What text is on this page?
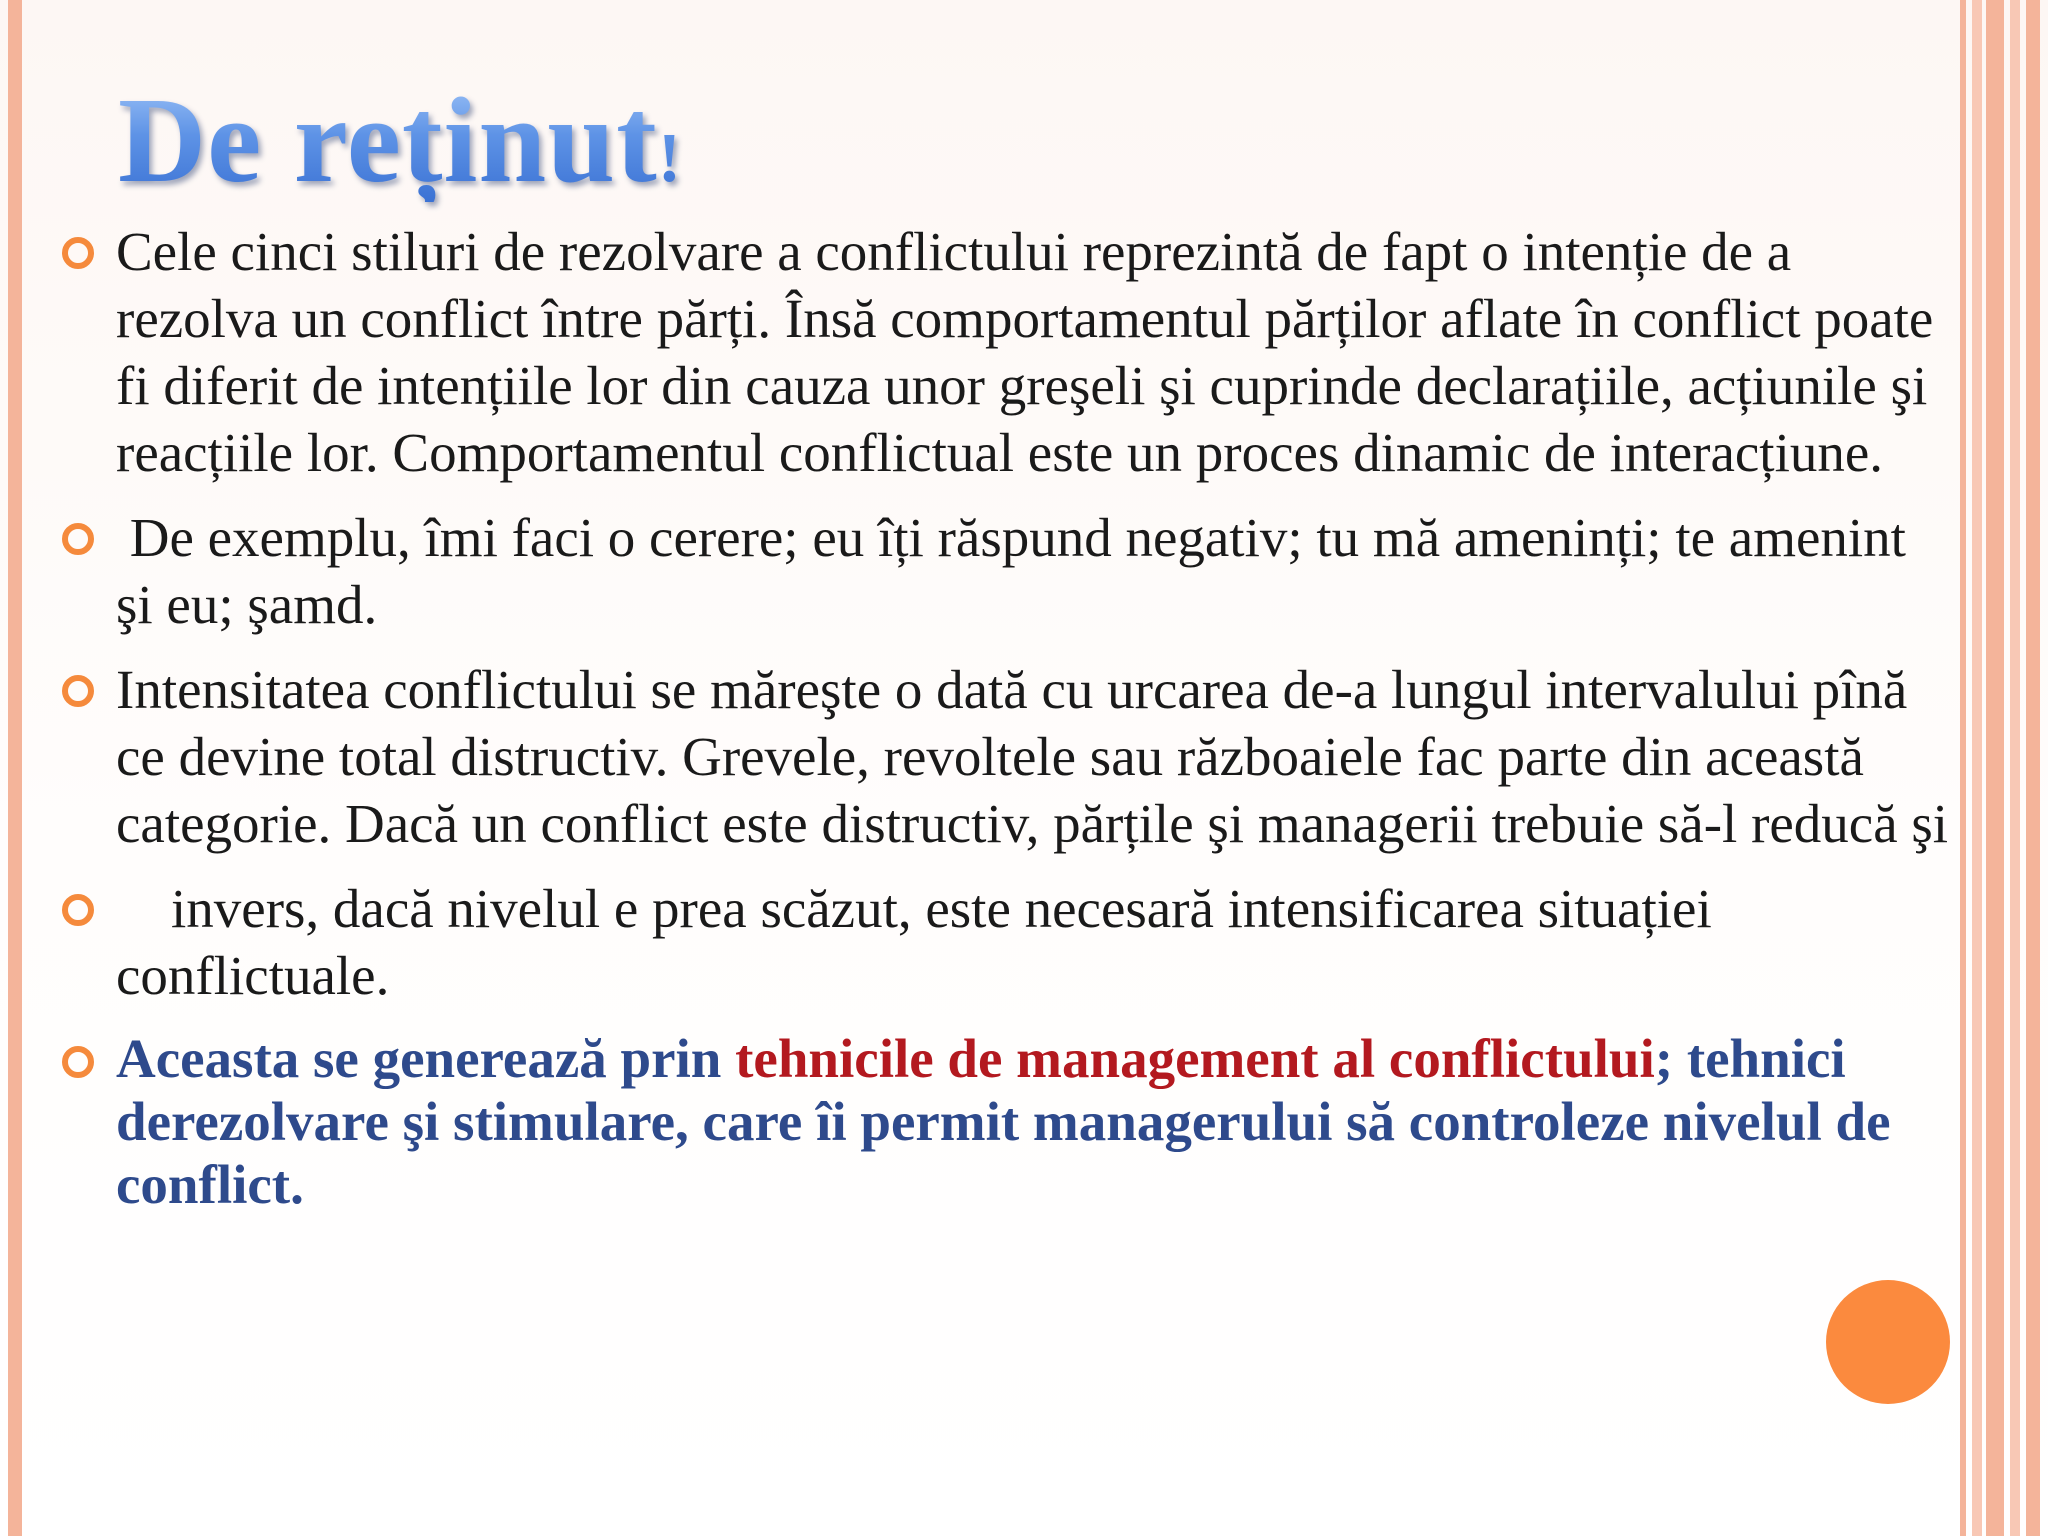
De reținut!
Cele cinci stiluri de rezolvare a conflictului reprezintă de fapt o intenție de a rezolva un conflict între părți. Însă comportamentul părților aflate în conflict poate fi diferit de intențiile lor din cauza unor greşeli şi cuprinde declarațiile, acțiunile şi reacțiile lor. Comportamentul conflictual este un proces dinamic de interacțiune.
De exemplu, îmi faci o cerere; eu îți răspund negativ; tu mă ameninți; te amenint şi eu; şamd.
Intensitatea conflictului se măreşte o dată cu urcarea de-a lungul intervalului pînă ce devine total distructiv. Grevele, revoltele sau războaiele fac parte din această categorie. Dacă un conflict este distructiv, părțile şi managerii trebuie să-l reducă şi
invers, dacă nivelul e prea scăzut, este necesară intensificarea situației conflictuale.
Aceasta se generează prin tehnicile de management al conflictului; tehnici derezolvare şi stimulare, care îi permit managerului să controleze nivelul de conflict.
